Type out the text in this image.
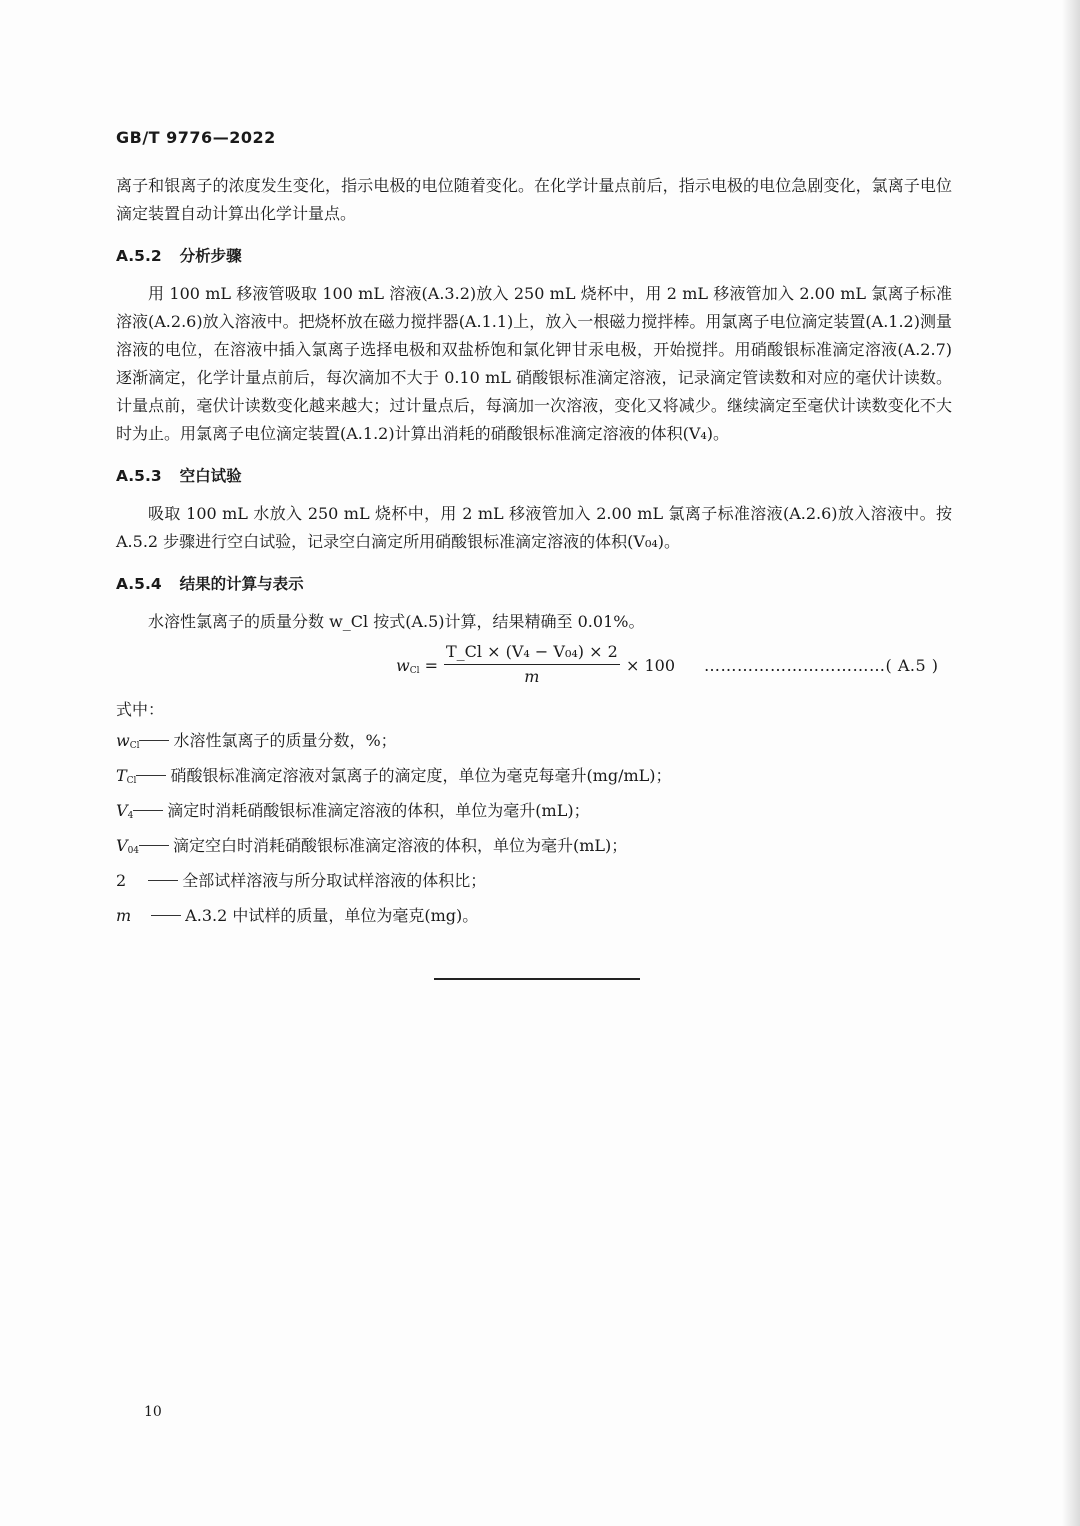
GB/T 9776—2022

离子和银离子的浓度发生变化，指示电极的电位随着变化。在化学计量点前后，指示电极的电位急剧变化，氯离子电位滴定装置自动计算出化学计量点。

A.5.2 分析步骤

用 100 mL 移液管吸取 100 mL 溶液(A.3.2)放入 250 mL 烧杯中，用 2 mL 移液管加入 2.00 mL 氯离子标准溶液(A.2.6)放入溶液中。把烧杯放在磁力搅拌器(A.1.1)上，放入一根磁力搅拌棒。用氯离子电位滴定装置(A.1.2)测量溶液的电位，在溶液中插入氯离子选择电极和双盐桥饱和氯化钾甘汞电极，开始搅拌。用硝酸银标准滴定溶液(A.2.7)逐渐滴定，化学计量点前后，每次滴加不大于 0.10 mL 硝酸银标准滴定溶液，记录滴定管读数和对应的毫伏计读数。计量点前，毫伏计读数变化越来越大；过计量点后，每滴加一次溶液，变化又将减少。继续滴定至毫伏计读数变化不大时为止。用氯离子电位滴定装置(A.1.2)计算出消耗的硝酸银标准滴定溶液的体积(V₄)。

A.5.3 空白试验

吸取 100 mL 水放入 250 mL 烧杯中，用 2 mL 移液管加入 2.00 mL 氯离子标准溶液(A.2.6)放入溶液中。按 A.5.2 步骤进行空白试验，记录空白滴定所用硝酸银标准滴定溶液的体积(V₀₄)。

A.5.4 结果的计算与表示

水溶性氯离子的质量分数 w_Cl 按式(A.5)计算，结果精确至 0.01%。

$w_{Cl} = \frac{\text{T\_Cl × (V₄ − V₀₄) × 2}}{m} \times 100$ ……………………………( A.5 )
式中：
$w_{Cl}$ 水溶性氯离子的质量分数，%；
$T_{Cl}$ 硝酸银标准滴定溶液对氯离子的滴定度，单位为毫克每毫升(mg/mL)；
$V_4$ 滴定时消耗硝酸银标准滴定溶液的体积，单位为毫升(mL)；
$V_{04}$ 滴定空白时消耗硝酸银标准滴定溶液的体积，单位为毫升(mL)；
2	全部试样溶液与所分取试样溶液的体积比；
m	A.3.2 中试样的质量，单位为毫克(mg)。
10
